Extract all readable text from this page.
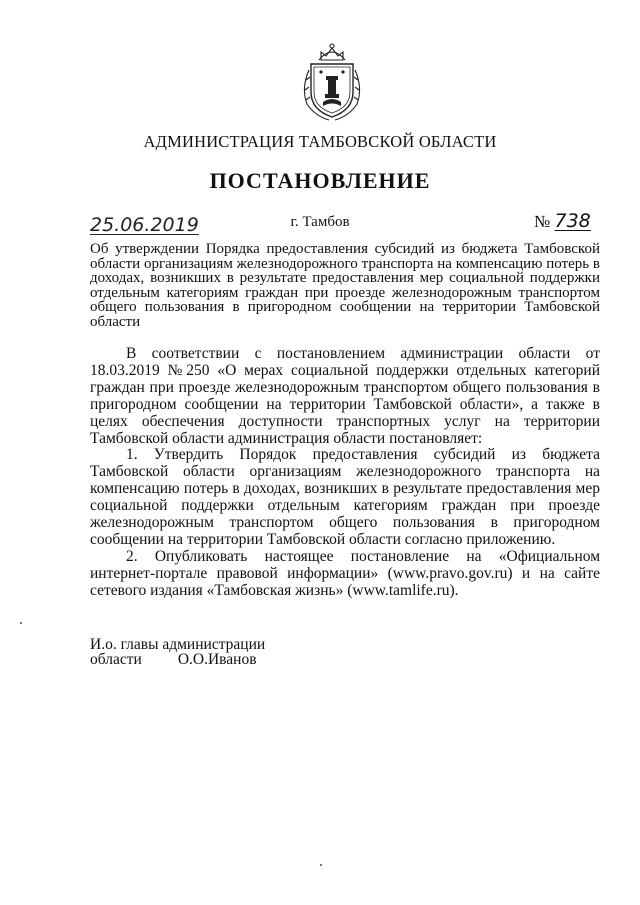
АДМИНИСТРАЦИЯ ТАМБОВСКОЙ ОБЛАСТИ
ПОСТАНОВЛЕНИЕ
25.06.2019	г. Тамбов	№ 738
Об утверждении Порядка предоставления субсидий из бюджета Тамбовской области организациям железнодорожного транспорта на компенсацию потерь в доходах, возникших в результате предоставления мер социальной поддержки отдельным категориям граждан при проезде железнодорожным транспортом общего пользования в пригородном сообщении на территории Тамбовской области

В соответствии с постановлением администрации области от 18.03.2019 №250 «О мерах социальной поддержки отдельных категорий граждан при проезде железнодорожным транспортом общего пользования в пригородном сообщении на территории Тамбовской области», а также в целях обеспечения доступности транспортных услуг на территории Тамбовской области администрация области постановляет:

1. Утвердить Порядок предоставления субсидий из бюджета Тамбовской области организациям железнодорожного транспорта на компенсацию потерь в доходах, возникших в результате предоставления мер социальной поддержки отдельным категориям граждан при проезде железнодорожным транспортом общего пользования в пригородном сообщении на территории Тамбовской области согласно приложению.

2. Опубликовать настоящее постановление на «Официальном интернет-портале правовой информации» (www.pravo.gov.ru) и на сайте сетевого издания «Тамбовская жизнь» (www.tamlife.ru).

И.о. главы администрации
области О.О.Иванов
